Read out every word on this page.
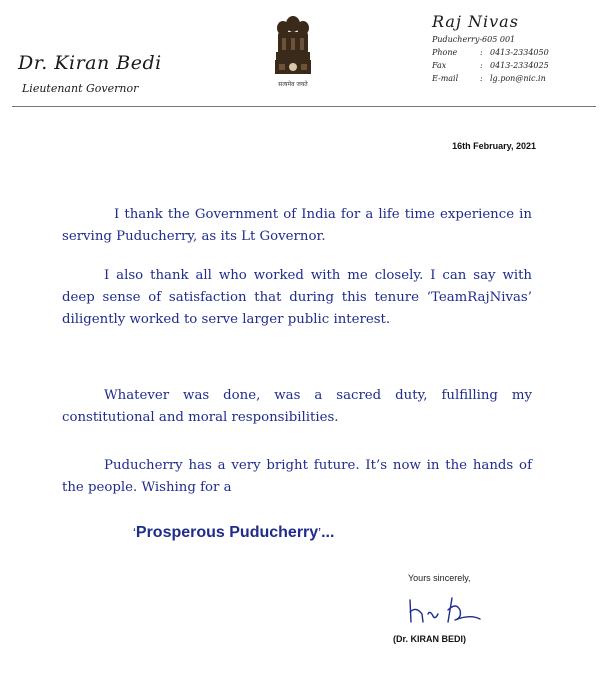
Dr. Kiran Bedi
Lieutenant Governor	सत्यमेव जयते
Raj Nivas
Puducherry-605 001
Phone	: 0413-2334050
Fax	: 0413-2334025
E-mail	: lg.pon@nic.in
16th February, 2021
I thank the Government of India for a life time experience in serving Puducherry, as its Lt Governor.
I also thank all who worked with me closely. I can say with deep sense of satisfaction that during this tenure ‘TeamRajNivas’ diligently worked to serve larger public interest.
Whatever was done, was a sacred duty, fulfilling my constitutional and moral responsibilities.
Puducherry has a very bright future. It’s now in the hands of the people. Wishing for a
‘Prosperous Puducherry’...
Yours sincerely,
(Dr. KIRAN BEDI)
